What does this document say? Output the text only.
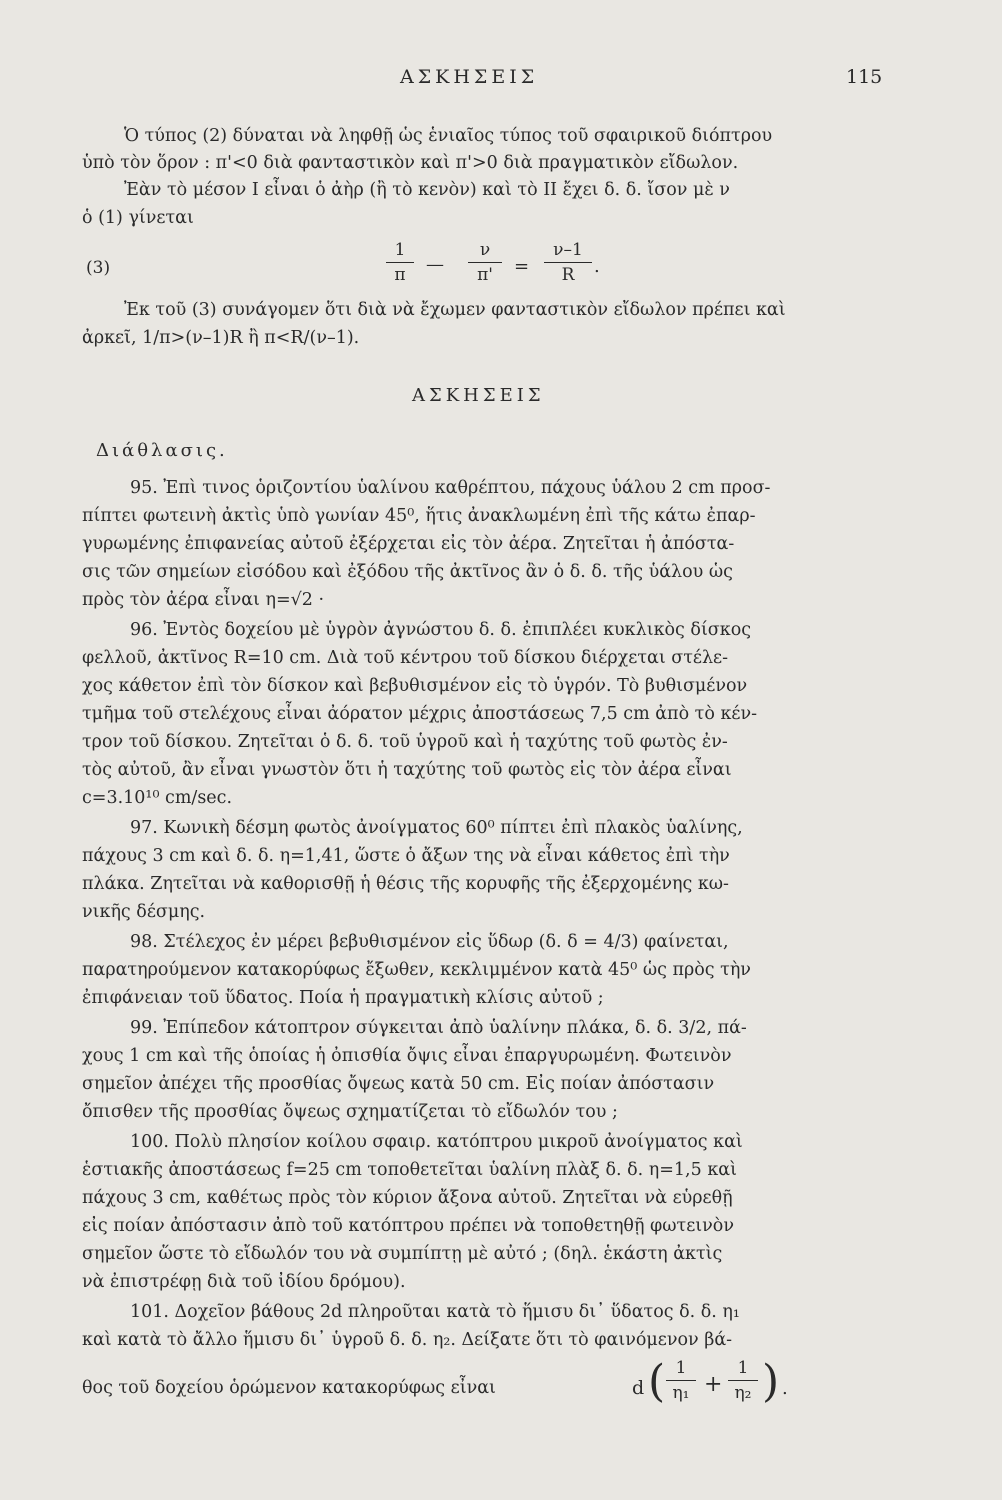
ΑΣΚΗΣΕΙΣ	115
Ὁ τύπος (2) δύναται νὰ ληφθῇ ὡς ἑνιαῖος τύπος τοῦ σφαιρικοῦ διόπτρου
ὑπὸ τὸν ὅρον : π'<0 διὰ φανταστικὸν καὶ π'>0 διὰ πραγματικὸν εἴδωλον.
Ἐὰν τὸ μέσον Ι εἶναι ὁ ἀὴρ (ἢ τὸ κενὸν) καὶ τὸ ΙΙ ἔχει δ. δ. ἴσον μὲ ν
ὁ (1) γίνεται
(3)	$\frac{1}{\pi}$ — $\frac{\nu}{\pi'} = \frac{\nu-1}{R}$ .
Ἐκ τοῦ (3) συνάγομεν ὅτι διὰ νὰ ἔχωμεν φανταστικὸν εἴδωλον πρέπει καὶ
ἀρκεῖ, 1/π>(ν–1)R ἢ π<R/(ν–1).
ΑΣΚΗΣΕΙΣ
Διάθλασις.
95. Ἐπὶ τινος ὁριζοντίου ὑαλίνου καθρέπτου, πάχους ὑάλου 2 cm προσ-
πίπτει φωτεινὴ ἀκτὶς ὑπὸ γωνίαν 45⁰, ἥτις ἀνακλωμένη ἐπὶ τῆς κάτω ἐπαρ-
γυρωμένης ἐπιφανείας αὐτοῦ ἐξέρχεται εἰς τὸν ἀέρα. Ζητεῖται ἡ ἀπόστα-
σις τῶν σημείων εἰσόδου καὶ ἐξόδου τῆς ἀκτῖνος ἂν ὁ δ. δ. τῆς ὑάλου ὡς
πρὸς τὸν ἀέρα εἶναι η=√2 ·
96. Ἐντὸς δοχείου μὲ ὑγρὸν ἀγνώστου δ. δ. ἐπιπλέει κυκλικὸς δίσκος
φελλοῦ, ἀκτῖνος R=10 cm. Διὰ τοῦ κέντρου τοῦ δίσκου διέρχεται στέλε-
χος κάθετον ἐπὶ τὸν δίσκον καὶ βεβυθισμένον εἰς τὸ ὑγρόν. Τὸ βυθισμένον
τμῆμα τοῦ στελέχους εἶναι ἀόρατον μέχρις ἀποστάσεως 7,5 cm ἀπὸ τὸ κέν-
τρον τοῦ δίσκου. Ζητεῖται ὁ δ. δ. τοῦ ὑγροῦ καὶ ἡ ταχύτης τοῦ φωτὸς ἐν-
τὸς αὐτοῦ, ἂν εἶναι γνωστὸν ὅτι ἡ ταχύτης τοῦ φωτὸς εἰς τὸν ἀέρα εἶναι
c=3.10¹⁰ cm/sec.
97. Κωνικὴ δέσμη φωτὸς ἀνοίγματος 60⁰ πίπτει ἐπὶ πλακὸς ὑαλίνης,
πάχους 3 cm καὶ δ. δ. η=1,41, ὥστε ὁ ἄξων της νὰ εἶναι κάθετος ἐπὶ τὴν
πλάκα. Ζητεῖται νὰ καθορισθῇ ἡ θέσις τῆς κορυφῆς τῆς ἐξερχομένης κω-
νικῆς δέσμης.
98. Στέλεχος ἐν μέρει βεβυθισμένον εἰς ὕδωρ (δ. δ = 4/3) φαίνεται,
παρατηρούμενον κατακορύφως ἔξωθεν, κεκλιμμένον κατὰ 45⁰ ὡς πρὸς τὴν
ἐπιφάνειαν τοῦ ὕδατος. Ποία ἡ πραγματικὴ κλίσις αὐτοῦ ;
99. Ἐπίπεδον κάτοπτρον σύγκειται ἀπὸ ὑαλίνην πλάκα, δ. δ. 3/2, πά-
χους 1 cm καὶ τῆς ὁποίας ἡ ὀπισθία ὄψις εἶναι ἐπαργυρωμένη. Φωτεινὸν
σημεῖον ἀπέχει τῆς προσθίας ὄψεως κατὰ 50 cm. Εἰς ποίαν ἀπόστασιν
ὄπισθεν τῆς προσθίας ὄψεως σχηματίζεται τὸ εἴδωλόν του ;
100. Πολὺ πλησίον κοίλου σφαιρ. κατόπτρου μικροῦ ἀνοίγματος καὶ
ἑστιακῆς ἀποστάσεως f=25 cm τοποθετεῖται ὑαλίνη πλὰξ δ. δ. η=1,5 καὶ
πάχους 3 cm, καθέτως πρὸς τὸν κύριον ἄξονα αὐτοῦ. Ζητεῖται νὰ εὑρεθῇ
εἰς ποίαν ἀπόστασιν ἀπὸ τοῦ κατόπτρου πρέπει νὰ τοποθετηθῇ φωτεινὸν
σημεῖον ὥστε τὸ εἴδωλόν του νὰ συμπίπτῃ μὲ αὐτό ; (δηλ. ἑκάστη ἀκτὶς
νὰ ἐπιστρέφῃ διὰ τοῦ ἰδίου δρόμου).
101. Δοχεῖον βάθους 2d πληροῦται κατὰ τὸ ἥμισυ δι᾿ ὕδατος δ. δ. η₁
καὶ κατὰ τὸ ἄλλο ἥμισυ δι᾿ ὑγροῦ δ. δ. η₂. Δείξατε ὅτι τὸ φαινόμενον βά-
θος τοῦ δοχείου ὁρώμενον κατακορύφως εἶναι	d ( $\frac{1}{\text{η₁}} + \frac{1}{\text{η₂}}$ ) .
